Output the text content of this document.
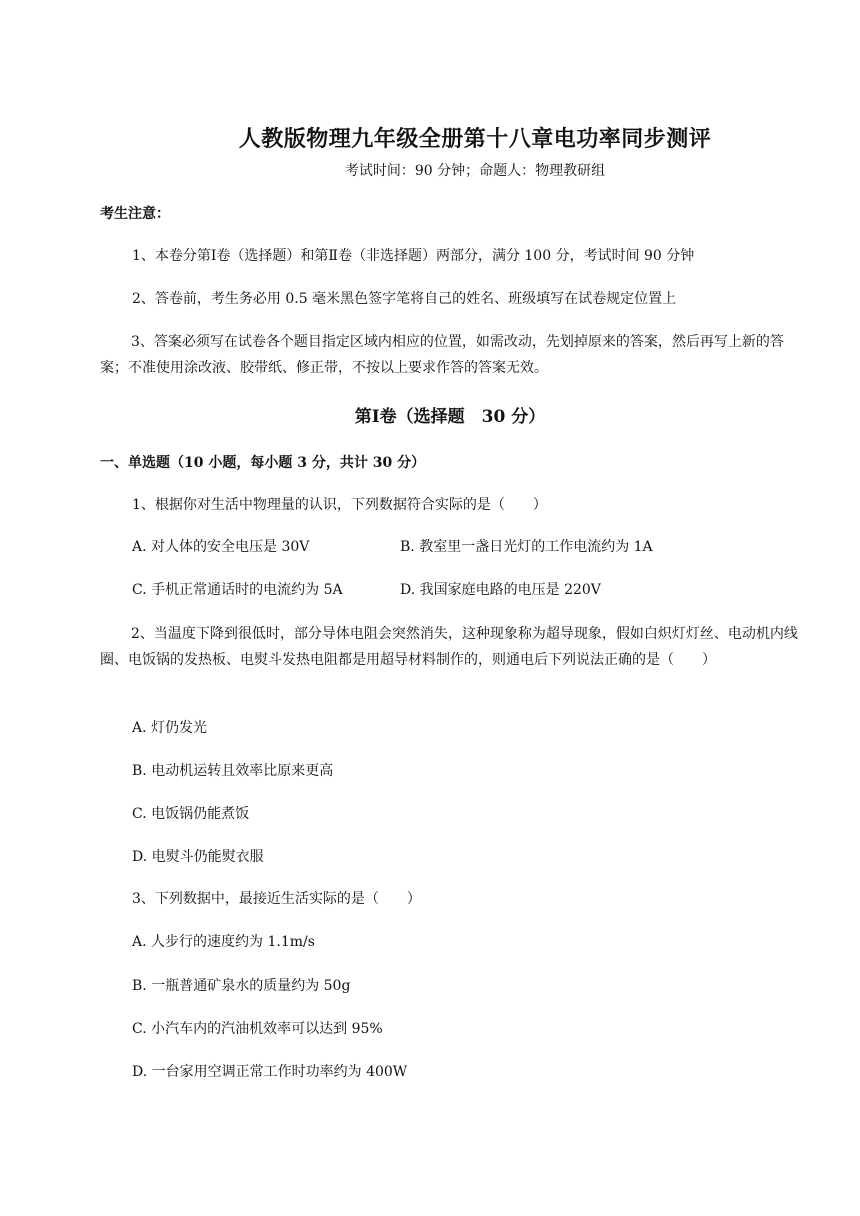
人教版物理九年级全册第十八章电功率同步测评
考试时间：90 分钟；命题人：物理教研组
考生注意：
1、本卷分第Ⅰ卷（选择题）和第Ⅱ卷（非选择题）两部分，满分 100 分，考试时间 90 分钟
2、答卷前，考生务必用 0.5 毫米黑色签字笔将自己的姓名、班级填写在试卷规定位置上
3、答案必须写在试卷各个题目指定区域内相应的位置，如需改动，先划掉原来的答案，然后再写上新的答案；不准使用涂改液、胶带纸、修正带，不按以上要求作答的答案无效。
第Ⅰ卷（选择题　30 分）
一、单选题（10 小题，每小题 3 分，共计 30 分）
1、根据你对生活中物理量的认识，下列数据符合实际的是（　　）
A. 对人体的安全电压是 30V	B. 教室里一盏日光灯的工作电流约为 1A
C. 手机正常通话时的电流约为 5A	D. 我国家庭电路的电压是 220V
2、当温度下降到很低时，部分导体电阻会突然消失，这种现象称为超导现象，假如白炽灯灯丝、电动机内线圈、电饭锅的发热板、电熨斗发热电阻都是用超导材料制作的，则通电后下列说法正确的是（　　）
A. 灯仍发光
B. 电动机运转且效率比原来更高
C. 电饭锅仍能煮饭
D. 电熨斗仍能熨衣服
3、下列数据中，最接近生活实际的是（　　）
A. 人步行的速度约为 1.1m/s
B. 一瓶普通矿泉水的质量约为 50g
C. 小汽车内的汽油机效率可以达到 95%
D. 一台家用空调正常工作时功率约为 400W
